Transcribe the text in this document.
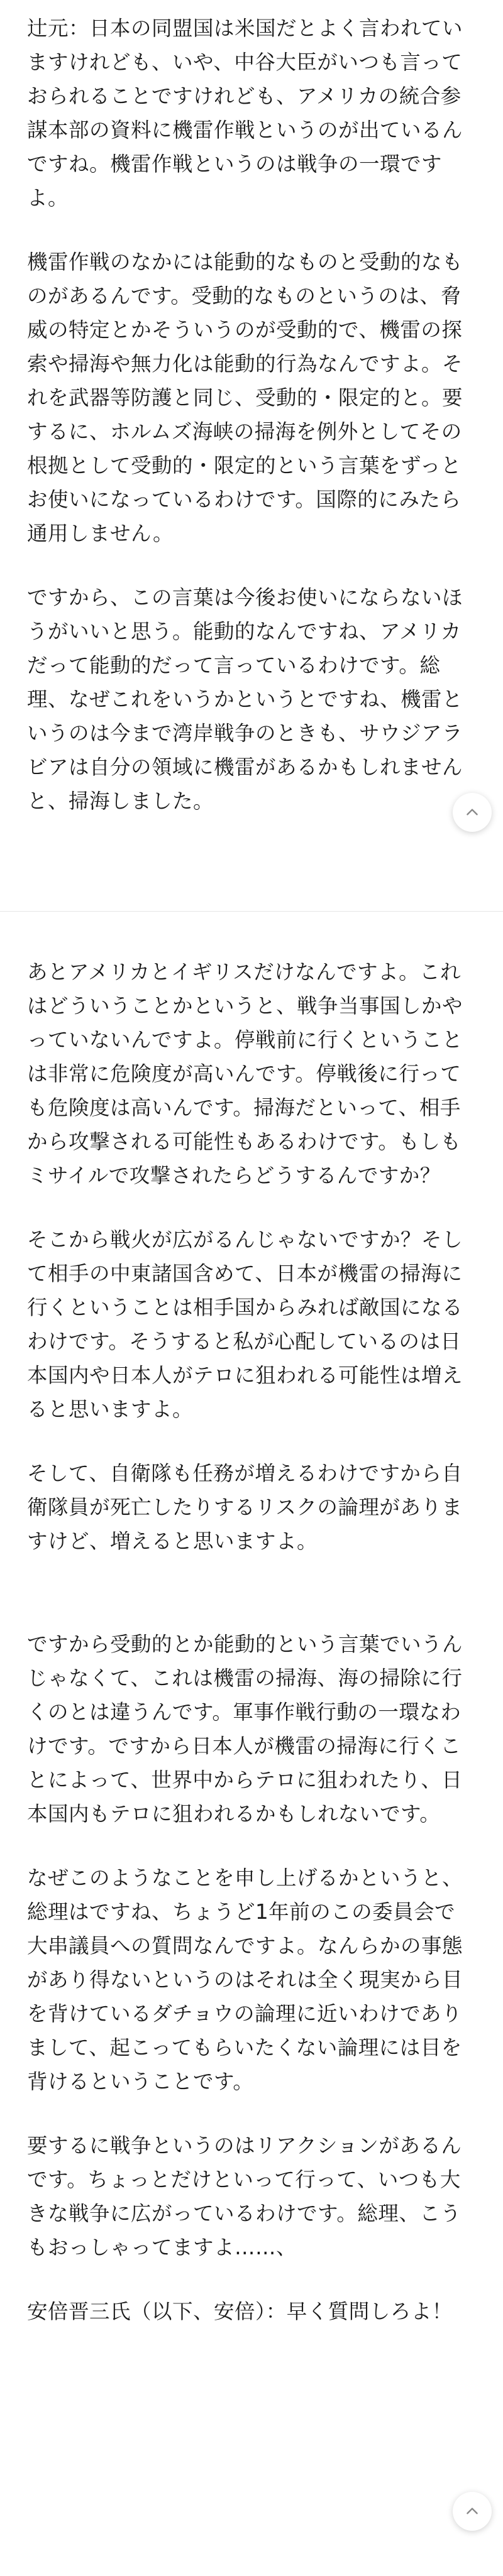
辻元：日本の同盟国は米国だとよく言われていますけれども、いや、中谷大臣がいつも言っておられることですけれども、アメリカの統合参謀本部の資料に機雷作戦というのが出ているんですね。機雷作戦というのは戦争の一環ですよ。

機雷作戦のなかには能動的なものと受動的なものがあるんです。受動的なものというのは、脅威の特定とかそういうのが受動的で、機雷の探索や掃海や無力化は能動的行為なんですよ。それを武器等防護と同じ、受動的・限定的と。要するに、ホルムズ海峡の掃海を例外としてその根拠として受動的・限定的という言葉をずっとお使いになっているわけです。国際的にみたら通用しません。

ですから、この言葉は今後お使いにならないほうがいいと思う。能動的なんですね、アメリカだって能動的だって言っているわけです。総理、なぜこれをいうかというとですね、機雷というのは今まで湾岸戦争のときも、サウジアラビアは自分の領域に機雷があるかもしれませんと、掃海しました。

あとアメリカとイギリスだけなんですよ。これはどういうことかというと、戦争当事国しかやっていないんですよ。停戦前に行くということは非常に危険度が高いんです。停戦後に行っても危険度は高いんです。掃海だといって、相手から攻撃される可能性もあるわけです。もしもミサイルで攻撃されたらどうするんですか？

そこから戦火が広がるんじゃないですか？そして相手の中東諸国含めて、日本が機雷の掃海に行くということは相手国からみれば敵国になるわけです。そうすると私が心配しているのは日本国内や日本人がテロに狙われる可能性は増えると思いますよ。

そして、自衛隊も任務が増えるわけですから自衛隊員が死亡したりするリスクの論理がありますけど、増えると思いますよ。

ですから受動的とか能動的という言葉でいうんじゃなくて、これは機雷の掃海、海の掃除に行くのとは違うんです。軍事作戦行動の一環なわけです。ですから日本人が機雷の掃海に行くことによって、世界中からテロに狙われたり、日本国内もテロに狙われるかもしれないです。

なぜこのようなことを申し上げるかというと、総理はですね、ちょうど1年前のこの委員会で大串議員への質問なんですよ。なんらかの事態があり得ないというのはそれは全く現実から目を背けているダチョウの論理に近いわけでありまして、起こってもらいたくない論理には目を背けるということです。

要するに戦争というのはリアクションがあるんです。ちょっとだけといって行って、いつも大きな戦争に広がっているわけです。総理、こうもおっしゃってますよ……、

安倍晋三氏（以下、安倍）：早く質問しろよ！
